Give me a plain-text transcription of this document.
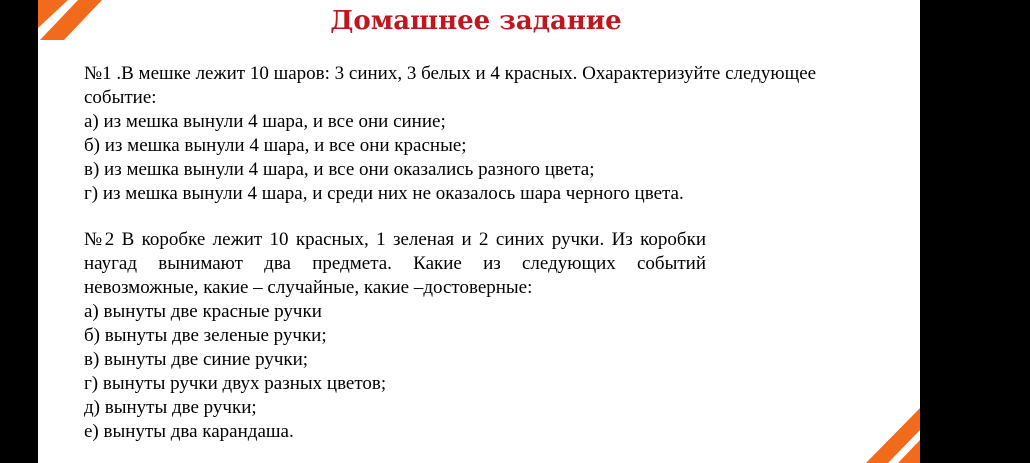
Домашнее задание

№1 .В мешке лежит 10 шаров: 3 синих, 3 белых и 4 красных. Охарактеризуйте следующее событие:

а) из мешка вынули 4 шара, и все они синие;
б) из мешка вынули 4 шара, и все они красные;
в) из мешка вынули 4 шара, и все они оказались разного цвета;
г) из мешка вынули 4 шара, и среди них не оказалось шара черного цвета.

№2 В коробке лежит 10 красных, 1 зеленая и 2 синих ручки. Из коробки наугад вынимают два предмета. Какие из следующих событий невозможные, какие – случайные, какие –достоверные:

а) вынуты две красные ручки
б) вынуты две зеленые ручки;
в) вынуты две синие ручки;
г) вынуты ручки двух разных цветов;
д) вынуты две ручки;
е) вынуты два карандаша.
